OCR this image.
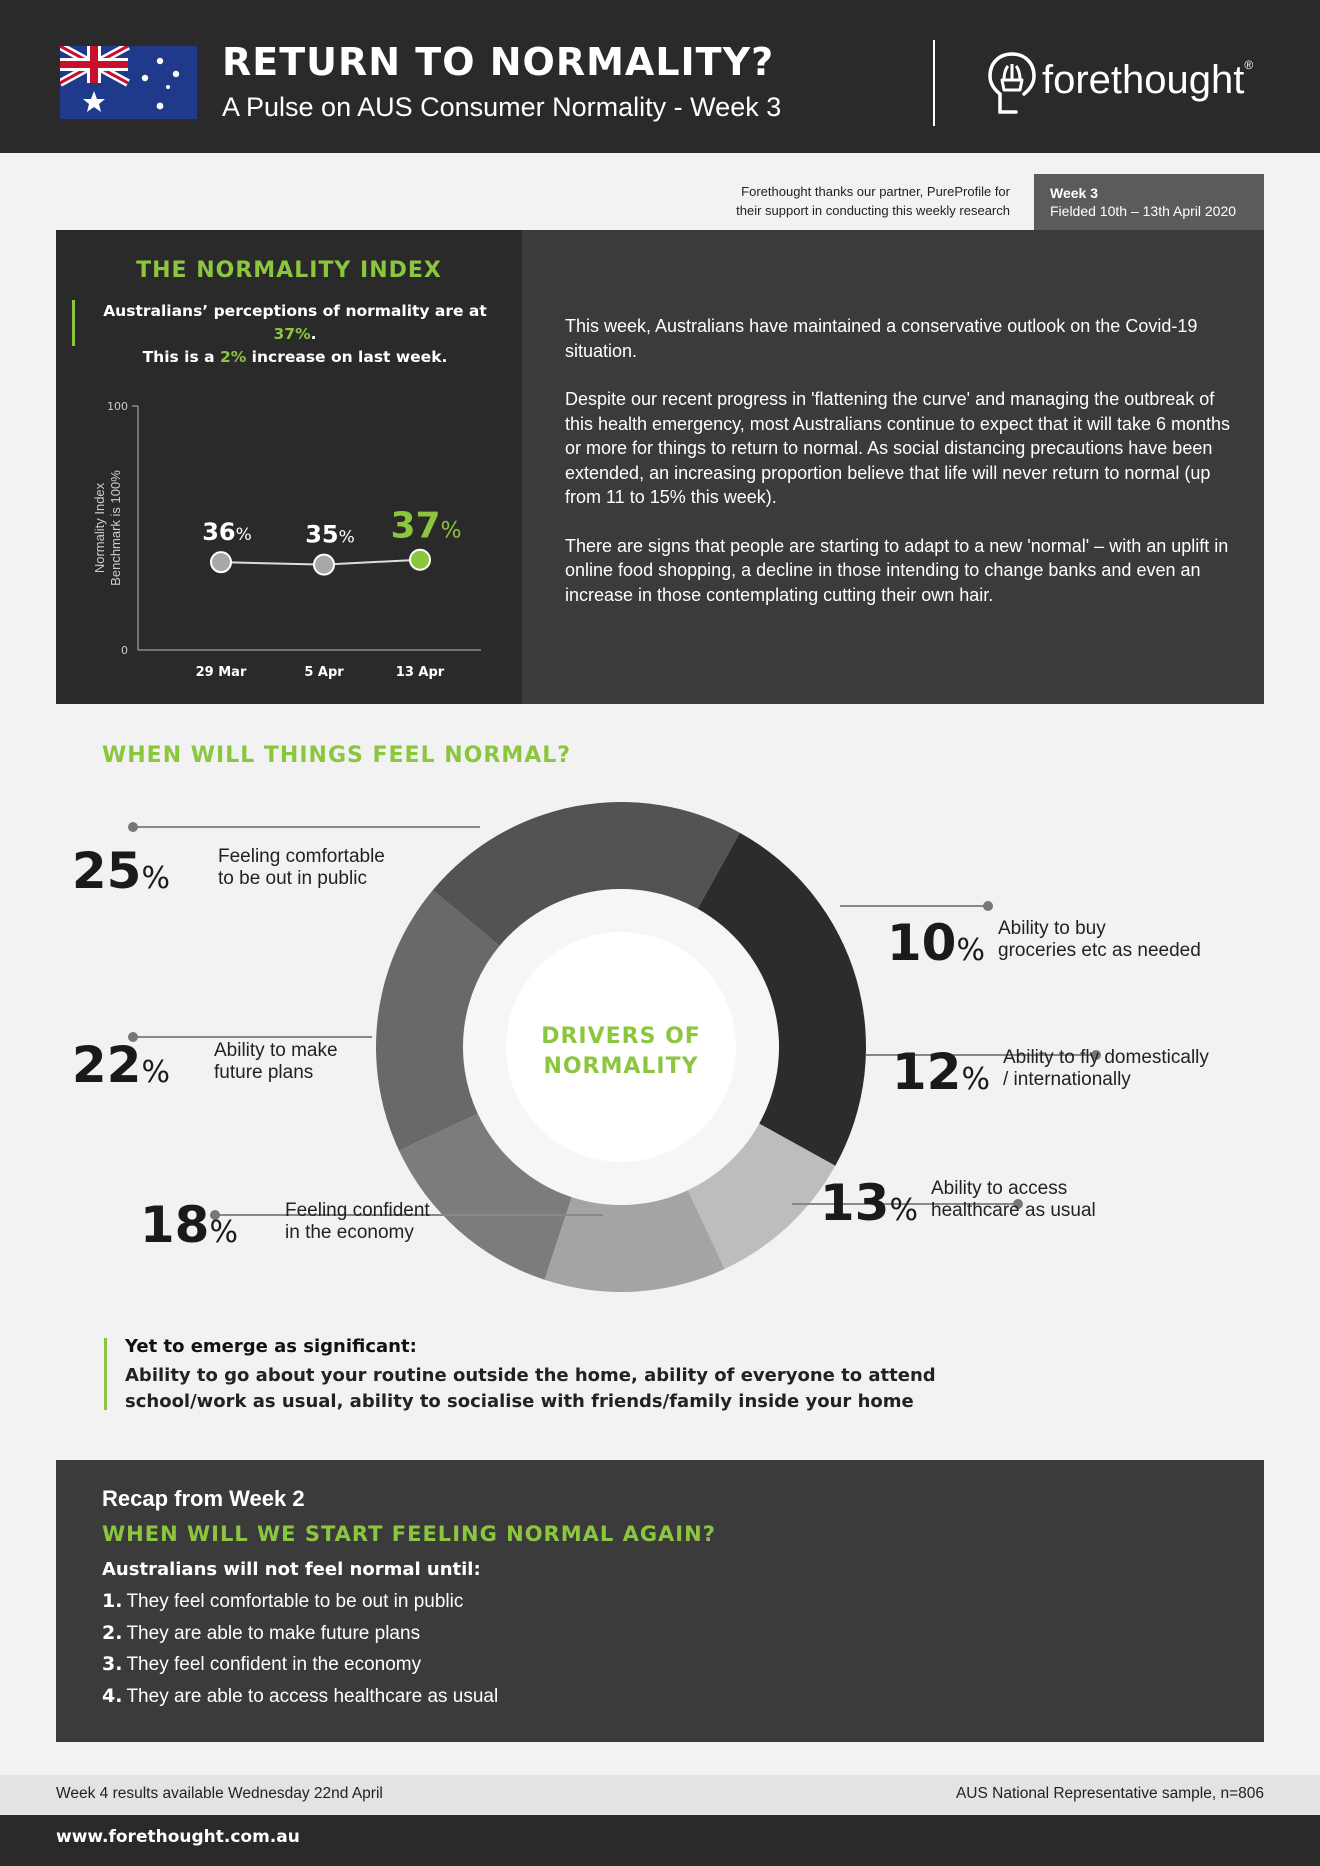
RETURN TO NORMALITY?
A Pulse on AUS Consumer Normality - Week 3
forethought®
Forethought thanks our partner, PureProfile for
their support in conducting this weekly research
Week 3
Fielded 10th – 13th April 2020
THE NORMALITY INDEX
Australians’ perceptions of normality are at 37%.
This is a 2% increase on last week.
100
0
Normality IndexBenchmark is 100%	36%
29 Mar
35%
5 Apr
37%
13 Apr

This week, Australians have maintained a conservative outlook on the Covid-19 situation.

Despite our recent progress in 'flattening the curve' and managing the outbreak of this health emergency, most Australians continue to expect that it will take 6 months or more for things to return to normal. As social distancing precautions have been extended, an increasing proportion believe that life will never return to normal (up from 11 to 15% this week).

There are signs that people are starting to adapt to a new 'normal' – with an uplift in online food shopping, a decline in those intending to change banks and even an increase in those contemplating cutting their own hair.

WHEN WILL THINGS FEEL NORMAL?
DRIVERS OF
NORMALITY
25%
Feeling comfortable to be out in public
10%
Ability to buy groceries etc as needed
12%
Ability to fly domestically / internationally
13%
Ability to access healthcare as usual
18%
Feeling confident in the economy
22%
Ability to make future plans
Yet to emerge as significant:
Ability to go about your routine outside the home, ability of everyone to attend school/work as usual, ability to socialise with friends/family inside your home
Recap from Week 2
WHEN WILL WE START FEELING NORMAL AGAIN?
Australians will not feel normal until:
1. They feel comfortable to be out in public
2. They are able to make future plans
3. They feel confident in the economy
4. They are able to access healthcare as usual
Week 4 results available Wednesday 22nd April	AUS National Representative sample, n=806
www.forethought.com.au
